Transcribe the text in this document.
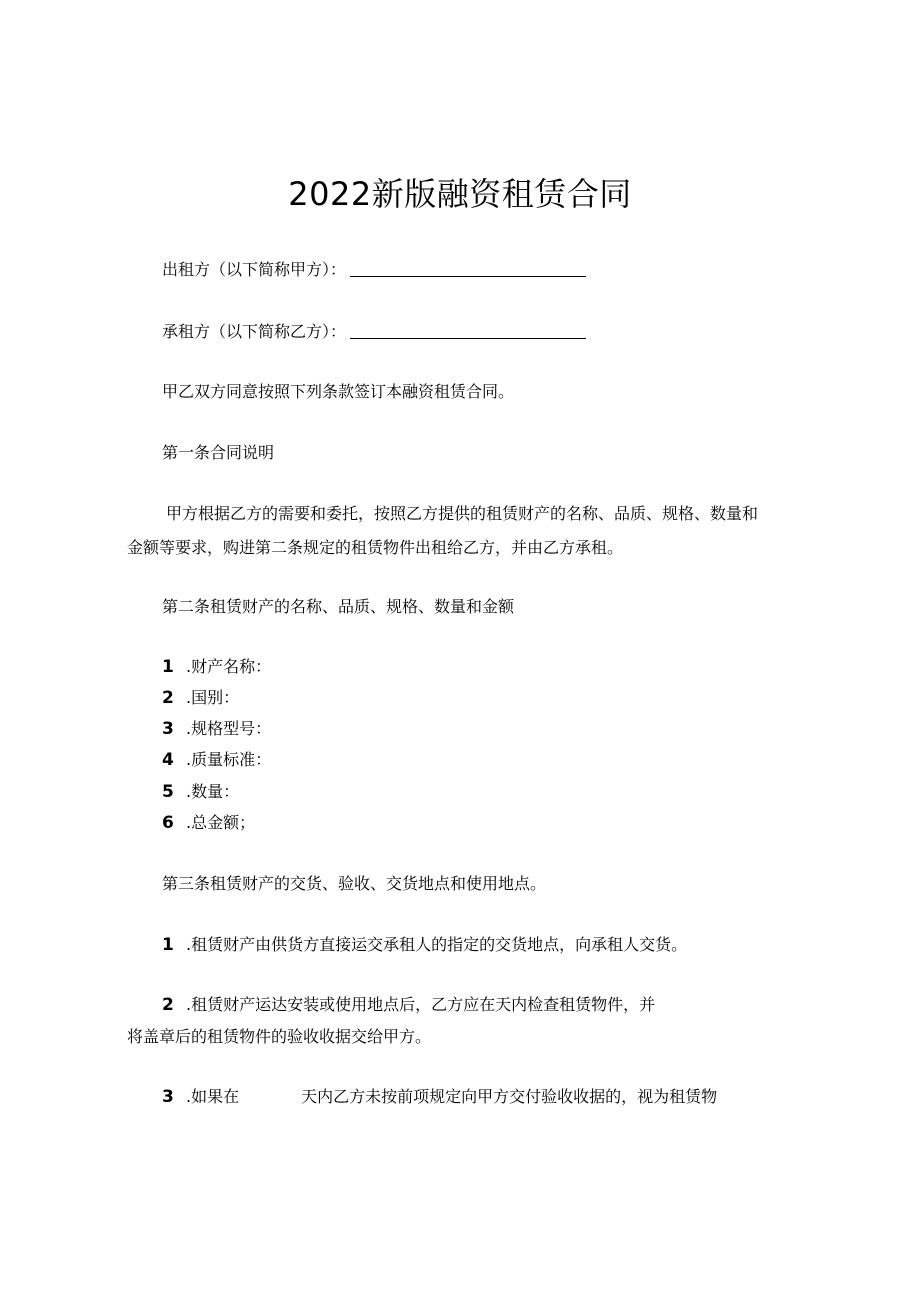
2022新版融资租赁合同
出租方（以下简称甲方）：
承租方（以下简称乙方）：
甲乙双方同意按照下列条款签订本融资租赁合同。
第一条合同说明
甲方根据乙方的需要和委托，按照乙方提供的租赁财产的名称、品质、规格、数量和
金额等要求，购进第二条规定的租赁物件出租给乙方，并由乙方承租。
第二条租赁财产的名称、品质、规格、数量和金额
1 .财产名称：
2 .国别：
3 .规格型号：
4 .质量标准：
5 .数量：
6 .总金额；
第三条租赁财产的交货、验收、交货地点和使用地点。
1 .租赁财产由供货方直接运交承租人的指定的交货地点，向承租人交货。
2 .租赁财产运达安装或使用地点后，乙方应在天内检查租赁物件，并
将盖章后的租赁物件的验收收据交给甲方。
3 .如果在	天内乙方未按前项规定向甲方交付验收收据的，视为租赁物
